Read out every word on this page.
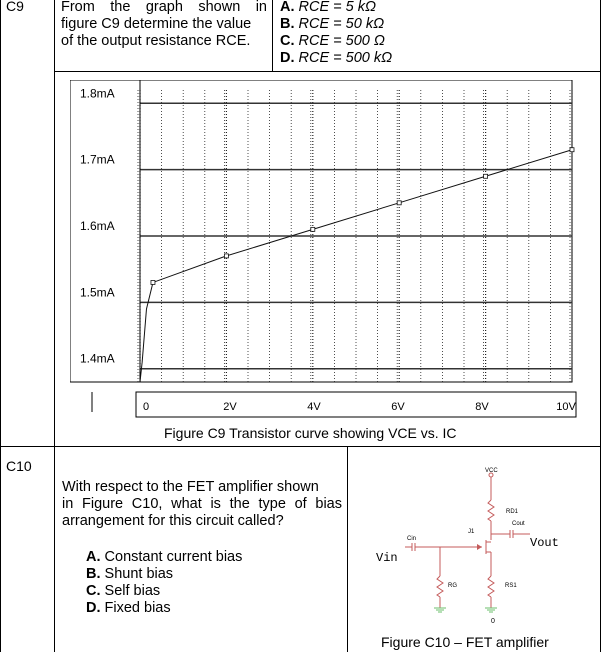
C9	From the graph shown in
figure C9 determine the value
of the output resistance RCE.
A. RCE = 5 kΩ
B. RCE = 50 kΩ
C. RCE = 500 Ω
D. RCE = 500 kΩ
1.8mA
1.7mA
1.6mA
1.5mA
1.4mA
0	2V	4V	6V	8V	10V
Figure C9 Transistor curve showing VCE vs. IC
C10
With respect to the FET amplifier shown
in Figure C10, what is the type of bias
arrangement for this circuit called?
A. Constant current bias
B. Shunt bias
C. Self bias
D. Fixed bias
VCC
RD1
Cout
Vout
J1
Cin
Vin
RG	RS1
0
Figure C10 – FET amplifier
